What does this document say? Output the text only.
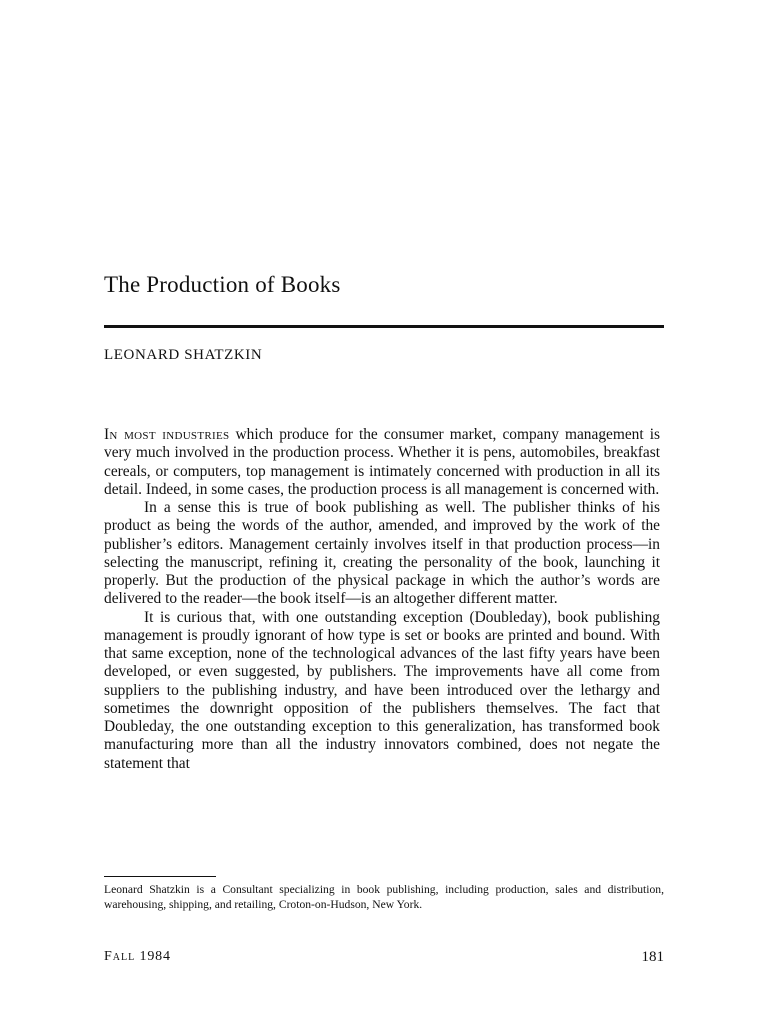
The Production of Books

LEONARD SHATZKIN

In most industries which produce for the consumer market, company management is very much involved in the production process. Whether it is pens, automobiles, breakfast cereals, or computers, top management is intimately concerned with production in all its detail. Indeed, in some cases, the production process is all management is concerned with.

In a sense this is true of book publishing as well. The publisher thinks of his product as being the words of the author, amended, and improved by the work of the publisher’s editors. Management certainly involves itself in that production process—in selecting the manuscript, refining it, creating the personality of the book, launching it properly. But the production of the physical package in which the author’s words are delivered to the reader—the book itself—is an altogether different matter.

It is curious that, with one outstanding exception (Doubleday), book publishing management is proudly ignorant of how type is set or books are printed and bound. With that same exception, none of the technological advances of the last fifty years have been developed, or even suggested, by publishers. The improvements have all come from suppliers to the publishing industry, and have been introduced over the lethargy and sometimes the downright opposition of the publishers themselves. The fact that Doubleday, the one outstanding exception to this generalization, has transformed book manufacturing more than all the industry innovators combined, does not negate the statement that

Leonard Shatzkin is a Consultant specializing in book publishing, including production, sales and distribution, warehousing, shipping, and retailing, Croton-on-Hudson, New York.

Fall 1984	181
